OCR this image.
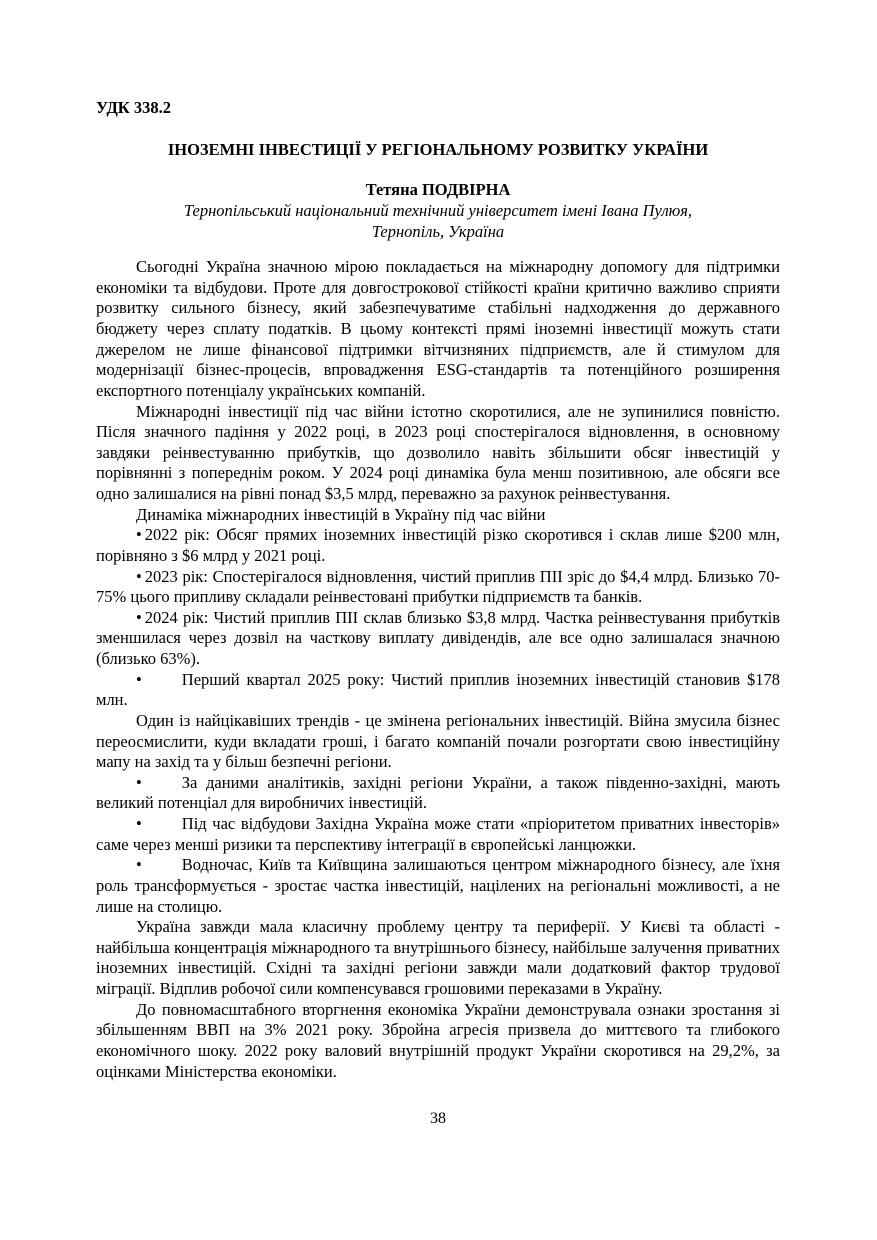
УДК 338.2
ІНОЗЕМНІ ІНВЕСТИЦІЇ У РЕГІОНАЛЬНОМУ РОЗВИТКУ УКРАЇНИ
Тетяна ПОДВІРНА
Тернопільський національний технічний університет імені Івана Пулюя,
Тернопіль, Україна

Сьогодні Україна значною мірою покладається на міжнародну допомогу для підтримки економіки та відбудови. Проте для довгострокової стійкості країни критично важливо сприяти розвитку сильного бізнесу, який забезпечуватиме стабільні надходження до державного бюджету через сплату податків. В цьому контексті прямі іноземні інвестиції можуть стати джерелом не лише фінансової підтримки вітчизняних підприємств, але й стимулом для модернізації бізнес-процесів, впровадження ESG-стандартів та потенційного розширення експортного потенціалу українських компаній.

Міжнародні інвестиції під час війни істотно скоротилися, але не зупинилися повністю. Після значного падіння у 2022 році, в 2023 році спостерігалося відновлення, в основному завдяки реінвестуванню прибутків, що дозволило навіть збільшити обсяг інвестицій у порівнянні з попереднім роком. У 2024 році динаміка була менш позитивною, але обсяги все одно залишалися на рівні понад $3,5 млрд, переважно за рахунок реінвестування.

Динаміка міжнародних інвестицій в Україну під час війни

• 2022 рік: Обсяг прямих іноземних інвестицій різко скоротився і склав лише $200 млн, порівняно з $6 млрд у 2021 році.

• 2023 рік: Спостерігалося відновлення, чистий приплив ПІІ зріс до $4,4 млрд. Близько 70-75% цього припливу складали реінвестовані прибутки підприємств та банків.

• 2024 рік: Чистий приплив ПІІ склав близько $3,8 млрд. Частка реінвестування прибутків зменшилася через дозвіл на часткову виплату дивідендів, але все одно залишалася значною (близько 63%).

• Перший квартал 2025 року: Чистий приплив іноземних інвестицій становив $178 млн.

Один із найцікавіших трендів - це змінена регіональних інвестицій. Війна змусила бізнес переосмислити, куди вкладати гроші, і багато компаній почали розгортати свою інвестиційну мапу на захід та у більш безпечні регіони.

• За даними аналітиків, західні регіони України, а також південно-західні, мають великий потенціал для виробничих інвестицій.

• Під час відбудови Західна Україна може стати «пріоритетом приватних інвесторів» саме через менші ризики та перспективу інтеграції в європейські ланцюжки.

• Водночас, Київ та Київщина залишаються центром міжнародного бізнесу, але їхня роль трансформується - зростає частка інвестицій, націлених на регіональні можливості, а не лише на столицю.

Україна завжди мала класичну проблему центру та периферії. У Києві та області - найбільша концентрація міжнародного та внутрішнього бізнесу, найбільше залучення приватних іноземних інвестицій. Східні та західні регіони завжди мали додатковий фактор трудової міграції. Відплив робочої сили компенсувався грошовими переказами в Україну.

До повномасштабного вторгнення економіка України демонструвала ознаки зростання зі збільшенням ВВП на 3% 2021 року. Збройна агресія призвела до миттєвого та глибокого економічного шоку. 2022 року валовий внутрішній продукт України скоротився на 29,2%, за оцінками Міністерства економіки.

38
